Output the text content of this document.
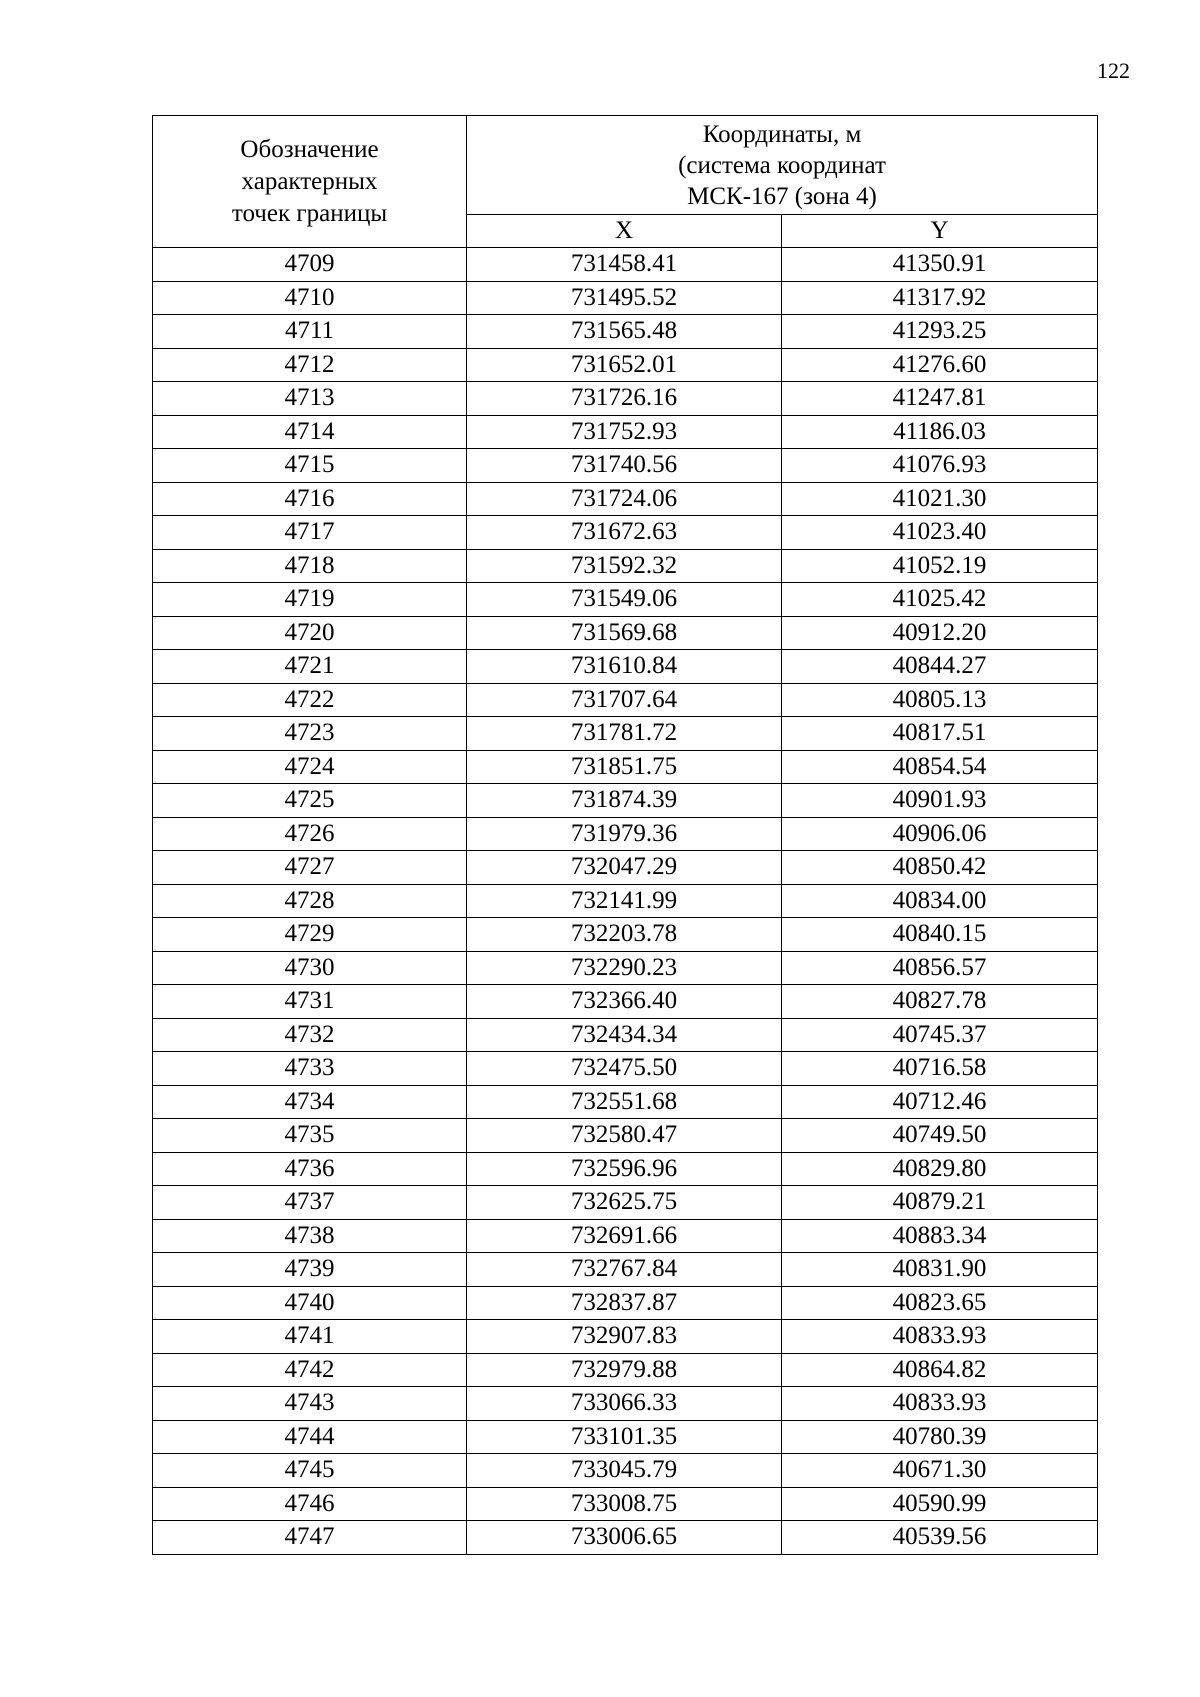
122
Обозначение
характерных
точек границы	Координаты, м
(система координат
МСК-167 (зона 4)	

	X	Y
4709	731458.41	41350.91
4710	731495.52	41317.92
4711	731565.48	41293.25
4712	731652.01	41276.60
4713	731726.16	41247.81
4714	731752.93	41186.03
4715	731740.56	41076.93
4716	731724.06	41021.30
4717	731672.63	41023.40
4718	731592.32	41052.19
4719	731549.06	41025.42
4720	731569.68	40912.20
4721	731610.84	40844.27
4722	731707.64	40805.13
4723	731781.72	40817.51
4724	731851.75	40854.54
4725	731874.39	40901.93
4726	731979.36	40906.06
4727	732047.29	40850.42
4728	732141.99	40834.00
4729	732203.78	40840.15
4730	732290.23	40856.57
4731	732366.40	40827.78
4732	732434.34	40745.37
4733	732475.50	40716.58
4734	732551.68	40712.46
4735	732580.47	40749.50
4736	732596.96	40829.80
4737	732625.75	40879.21
4738	732691.66	40883.34
4739	732767.84	40831.90
4740	732837.87	40823.65
4741	732907.83	40833.93
4742	732979.88	40864.82
4743	733066.33	40833.93
4744	733101.35	40780.39
4745	733045.79	40671.30
4746	733008.75	40590.99
4747	733006.65	40539.56
